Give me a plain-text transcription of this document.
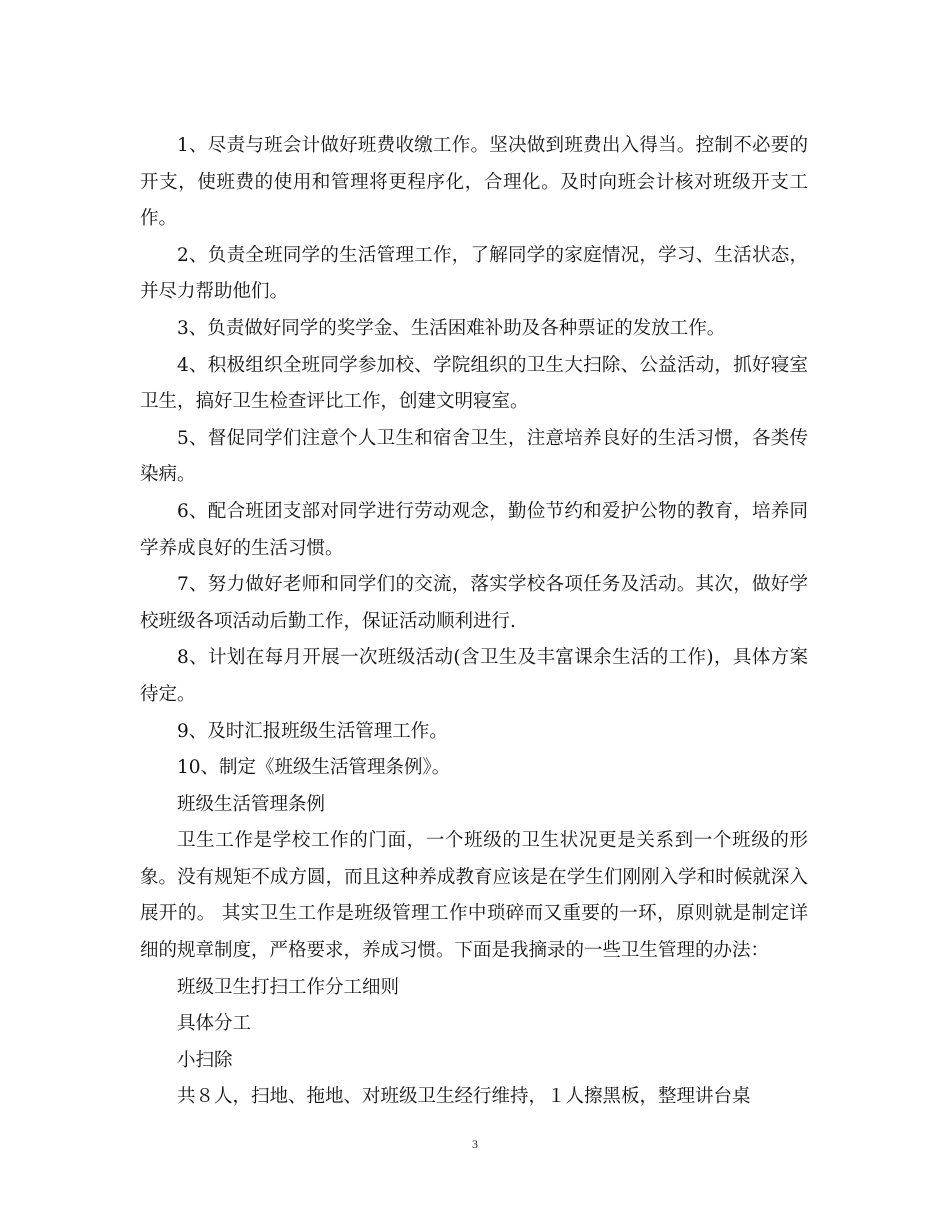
1、尽责与班会计做好班费收缴工作。坚决做到班费出入得当。控制不必要的开支，使班费的使用和管理将更程序化，合理化。及时向班会计核对班级开支工作。

2、负责全班同学的生活管理工作，了解同学的家庭情况，学习、生活状态，并尽力帮助他们。

3、负责做好同学的奖学金、生活困难补助及各种票证的发放工作。

4、积极组织全班同学参加校、学院组织的卫生大扫除、公益活动，抓好寝室卫生，搞好卫生检查评比工作，创建文明寝室。

5、督促同学们注意个人卫生和宿舍卫生，注意培养良好的生活习惯，各类传染病。

6、配合班团支部对同学进行劳动观念，勤俭节约和爱护公物的教育，培养同学养成良好的生活习惯。

7、努力做好老师和同学们的交流，落实学校各项任务及活动。其次，做好学校班级各项活动后勤工作，保证活动顺利进行.

8、计划在每月开展一次班级活动(含卫生及丰富课余生活的工作)，具体方案待定。

9、及时汇报班级生活管理工作。

10、制定《班级生活管理条例》。

班级生活管理条例

卫生工作是学校工作的门面，一个班级的卫生状况更是关系到一个班级的形象。没有规矩不成方圆，而且这种养成教育应该是在学生们刚刚入学和时候就深入展开的。 其实卫生工作是班级管理工作中琐碎而又重要的一环，原则就是制定详细的规章制度，严格要求，养成习惯。下面是我摘录的一些卫生管理的办法：

班级卫生打扫工作分工细则

具体分工

小扫除

共８人，扫地、拖地、对班级卫生经行维持，１人擦黑板，整理讲台桌

3
